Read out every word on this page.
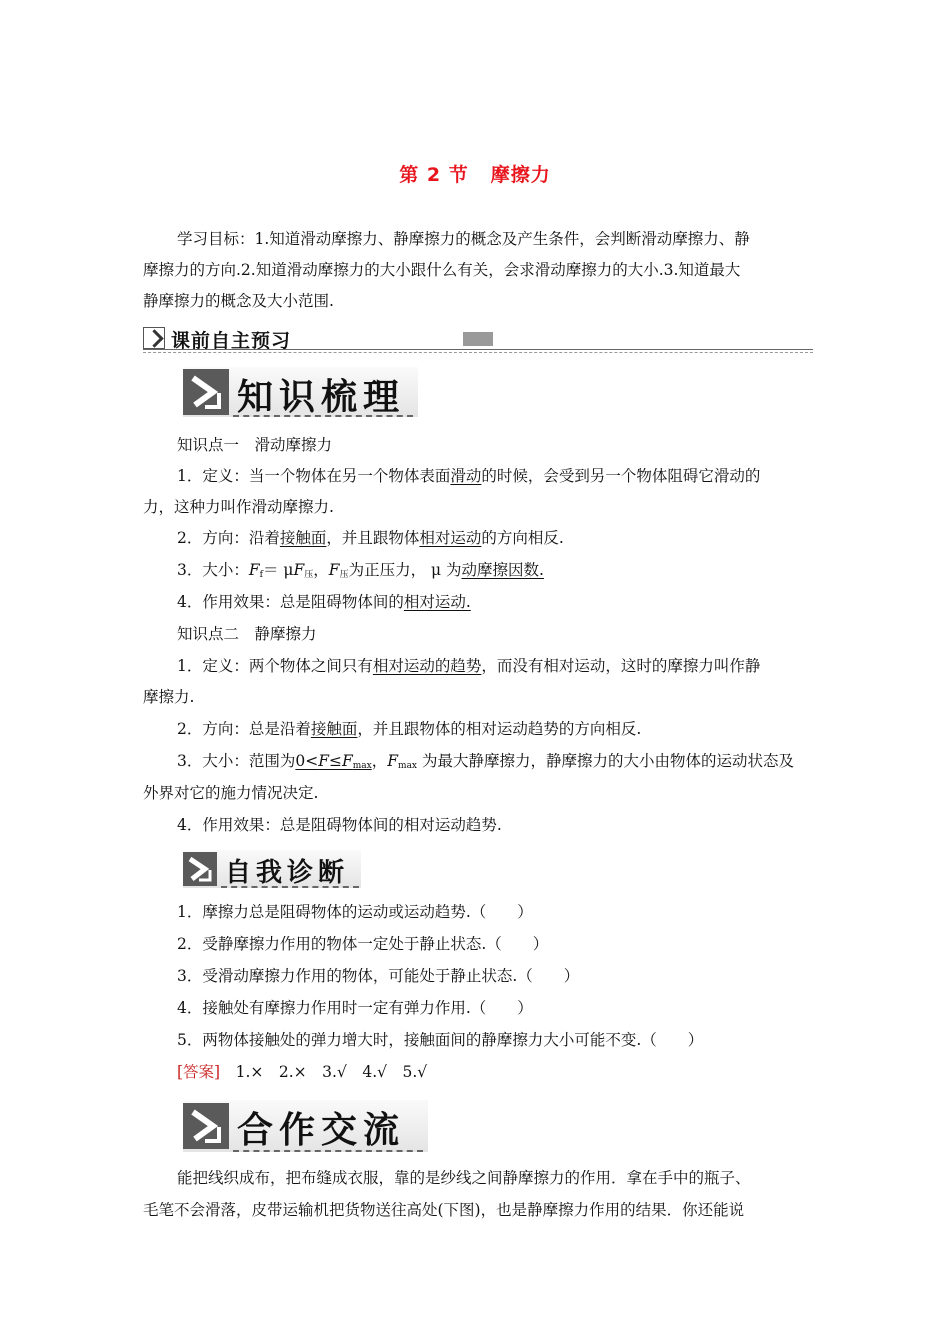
第 2 节 摩擦力
学习目标：1.知道滑动摩擦力、静摩擦力的概念及产生条件，会判断滑动摩擦力、静
摩擦力的方向.2.知道滑动摩擦力的大小跟什么有关，会求滑动摩擦力的大小.3.知道最大
静摩擦力的概念及大小范围.
课前自主预习
知识梳理
知识点一　滑动摩擦力
1．定义：当一个物体在另一个物体表面滑动的时候，会受到另一个物体阻碍它滑动的
力，这种力叫作滑动摩擦力.
2．方向：沿着接触面，并且跟物体相对运动的方向相反.
3．大小：$F_f= \mu F_压$，$F_压$为正压力， μ 为动摩擦因数.
4．作用效果：总是阻碍物体间的相对运动.
知识点二　静摩擦力
1．定义：两个物体之间只有相对运动的趋势，而没有相对运动，这时的摩擦力叫作静
摩擦力.
2．方向：总是沿着接触面，并且跟物体的相对运动趋势的方向相反.
3．大小：范围为$0<F\le F_{max}$，$F_{max}$ 为最大静摩擦力，静摩擦力的大小由物体的运动状态及
外界对它的施力情况决定.
4．作用效果：总是阻碍物体间的相对运动趋势.
自我诊断
1．摩擦力总是阻碍物体的运动或运动趋势.（　　）
2．受静摩擦力作用的物体一定处于静止状态.（　　）
3．受滑动摩擦力作用的物体，可能处于静止状态.（　　）
4．接触处有摩擦力作用时一定有弹力作用.（　　）
5．两物体接触处的弹力增大时，接触面间的静摩擦力大小可能不变.（　　）
[答案]　1.×　2.×　3.√　4.√　5.√
合作交流
能把线织成布，把布缝成衣服，靠的是纱线之间静摩擦力的作用．拿在手中的瓶子、
毛笔不会滑落，皮带运输机把货物送往高处(下图)，也是静摩擦力作用的结果．你还能说
